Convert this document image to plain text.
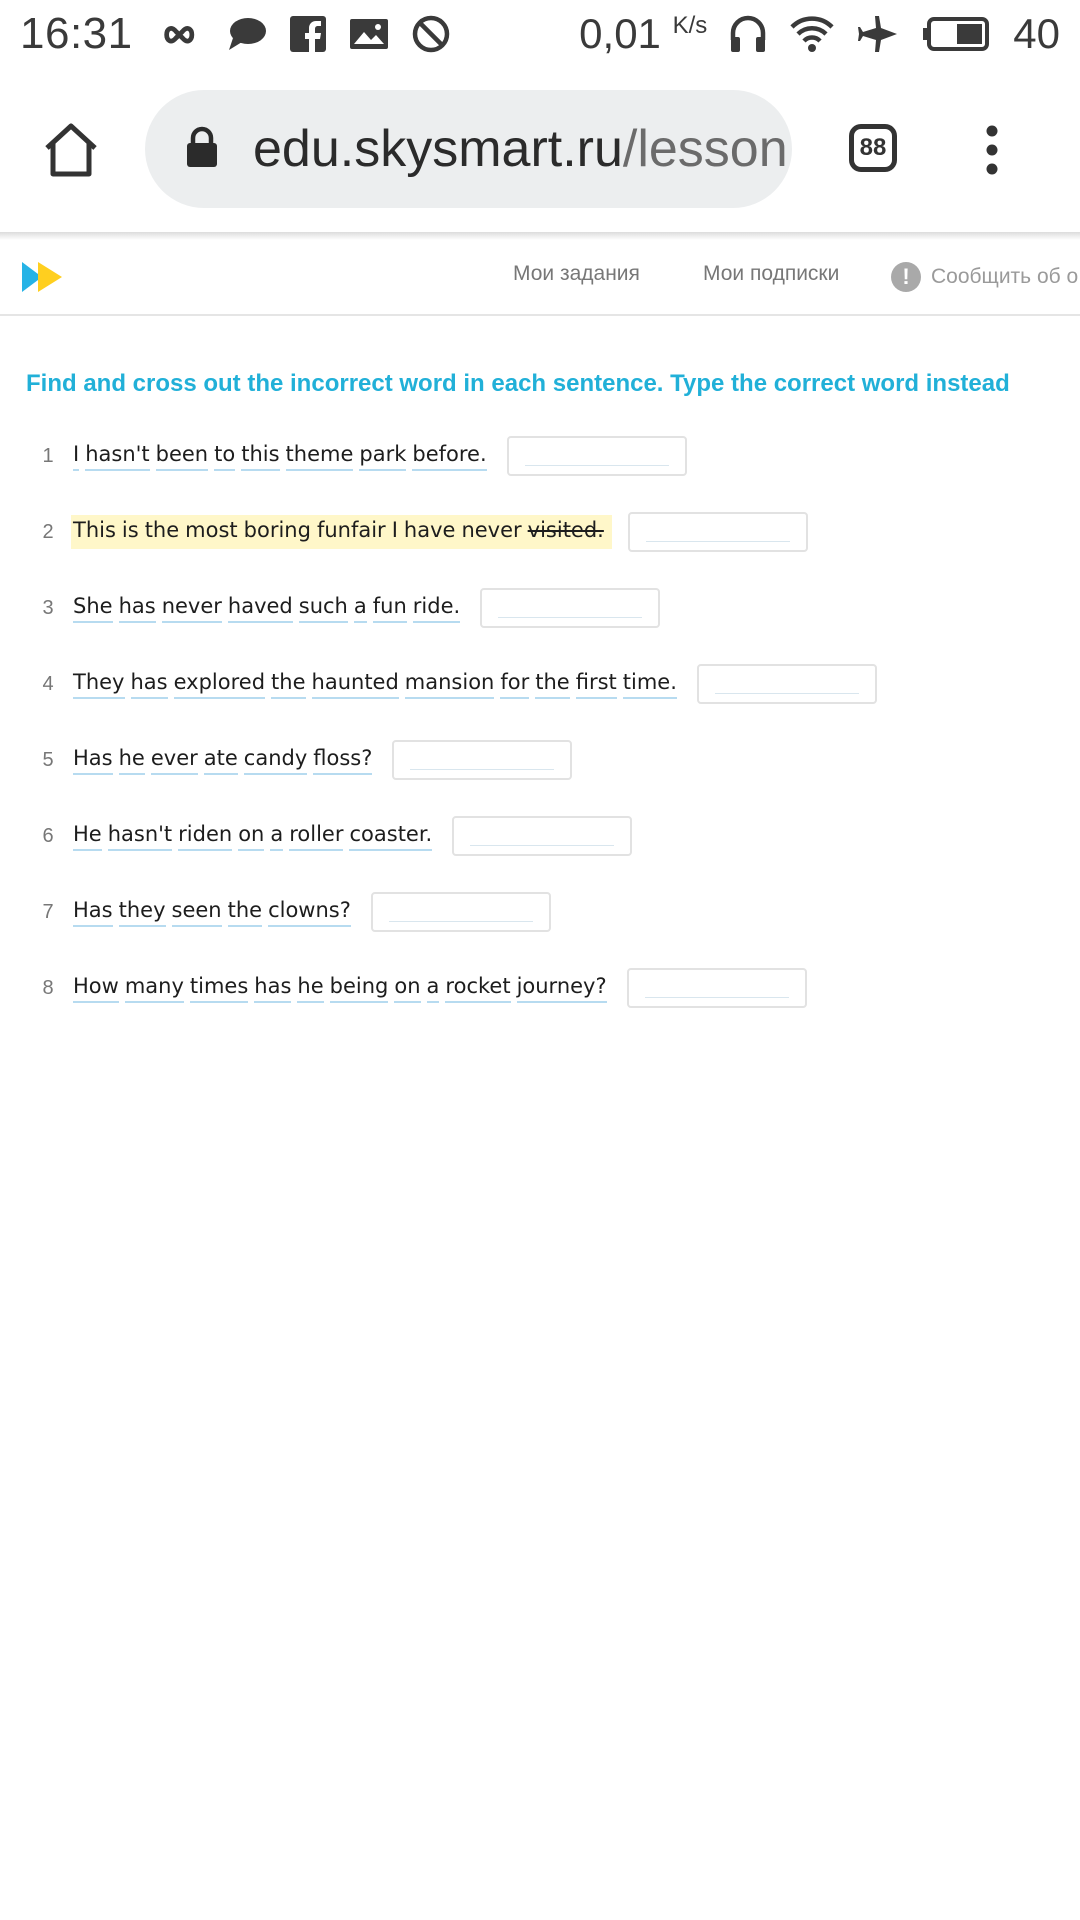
16:31	0,01 $^{K/s}$	40
edu.skysmart.ru /lesson	88
Мои задания	Мои подписки	!	Сообщить об о
Find and cross out the incorrect word in each sentence. Type the correct word instead
1 I hasn't been to this theme park before.
2 This is the most boring funfair I have never visited.
3 She has never haved such a fun ride.
4 They has explored the haunted mansion for the first time.
5 Has he ever ate candy floss?
6 He hasn't riden on a roller coaster.
7 Has they seen the clowns?
8 How many times has he being on a rocket journey?
